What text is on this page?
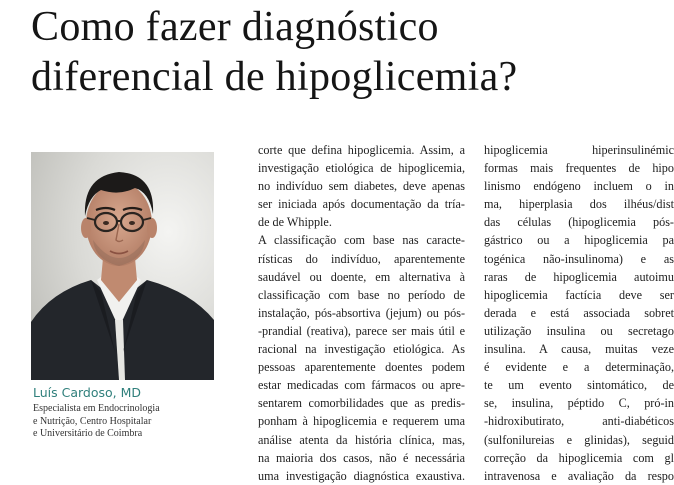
Como fazer diagnóstico
diferencial de hipoglicemia?
Luís Cardoso, MD
Especialista em Endocrinologia
e Nutrição, Centro Hospitalar
e Universitário de Coimbra
corte que defina hipoglicemia. Assim, a
investigação etiológica de hipoglicemia,
no indivíduo sem diabetes, deve apenas
ser iniciada após documentação da tría-
de de Whipple.
A classificação com base nas caracte-
rísticas do indivíduo, aparentemente
saudável ou doente, em alternativa à
classificação com base no período de
instalação, pós-absortiva (jejum) ou pós-
-prandial (reativa), parece ser mais útil e
racional na investigação etiológica. As
pessoas aparentemente doentes podem
estar medicadas com fármacos ou apre-
sentarem comorbilidades que as predis-
ponham à hipoglicemia e requerem uma
análise atenta da história clínica, mas,
na maioria dos casos, não é necessária
uma investigação diagnóstica exaustiva.
hipoglicemia hiperinsulinémic
formas mais frequentes de hipo
linismo endógeno incluem o in
ma, hiperplasia dos ilhéus/dist
das células (hipoglicemia pós-
gástrico ou a hipoglicemia pa
togénica não-insulinoma) e as
raras de hipoglicemia autoimu
hipoglicemia factícia deve ser
derada e está associada sobret
utilização insulina ou secretago
insulina. A causa, muitas veze
é evidente e a determinação,
te um evento sintomático, de
se, insulina, péptido C, pró-in
-hidroxibutirato, anti-diabéticos
(sulfonilureias e glinidas), seguid
correção da hipoglicemia com gl
intravenosa e avaliação da respo
